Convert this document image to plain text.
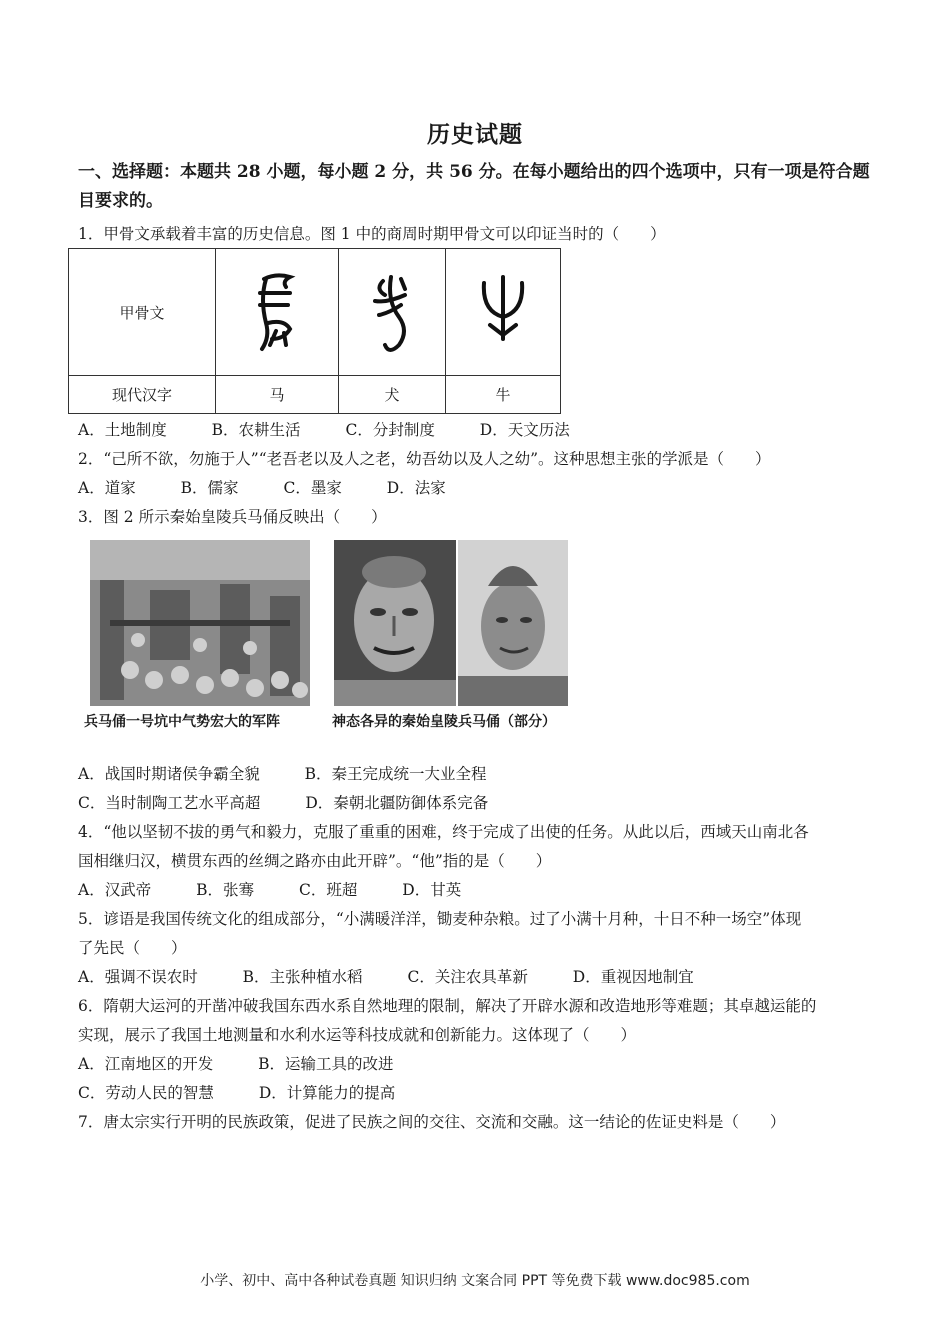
历史试题
一、选择题：本题共 28 小题，每小题 2 分，共 56 分。在每小题给出的四个选项中，只有一项是符合题目要求的。
1．甲骨文承载着丰富的历史信息。图 1 中的商周时期甲骨文可以印证当时的（　　）
甲骨文	

现代汉字	马	犬	牛
A．土地制度	B．农耕生活	C．分封制度	D．天文历法
2．“己所不欲，勿施于人”“老吾老以及人之老，幼吾幼以及人之幼”。这种思想主张的学派是（　　）
A．道家	B．儒家	C．墨家	D．法家
3．图 2 所示秦始皇陵兵马俑反映出（　　）
兵马俑一号坑中气势宏大的军阵	神态各异的秦始皇陵兵马俑（部分）
A．战国时期诸侯争霸全貌	B．秦王完成统一大业全程
C．当时制陶工艺水平高超	D．秦朝北疆防御体系完备
4．“他以坚韧不拔的勇气和毅力，克服了重重的困难，终于完成了出使的任务。从此以后，西域天山南北各
国相继归汉，横贯东西的丝绸之路亦由此开辟”。“他”指的是（　　）
A．汉武帝	B．张骞	C．班超	D．甘英
5．谚语是我国传统文化的组成部分，“小满暖洋洋，锄麦种杂粮。过了小满十月种，十日不种一场空”体现
了先民（　　）
A．强调不误农时	B．主张种植水稻	C．关注农具革新	D．重视因地制宜
6．隋朝大运河的开凿冲破我国东西水系自然地理的限制，解决了开辟水源和改造地形等难题；其卓越运能的
实现，展示了我国土地测量和水利水运等科技成就和创新能力。这体现了（　　）
A．江南地区的开发	B．运输工具的改进
C．劳动人民的智慧	D．计算能力的提高
7．唐太宗实行开明的民族政策，促进了民族之间的交往、交流和交融。这一结论的佐证史料是（　　）
小学、初中、高中各种试卷真题 知识归纳 文案合同 PPT 等免费下载 www.doc985.com
